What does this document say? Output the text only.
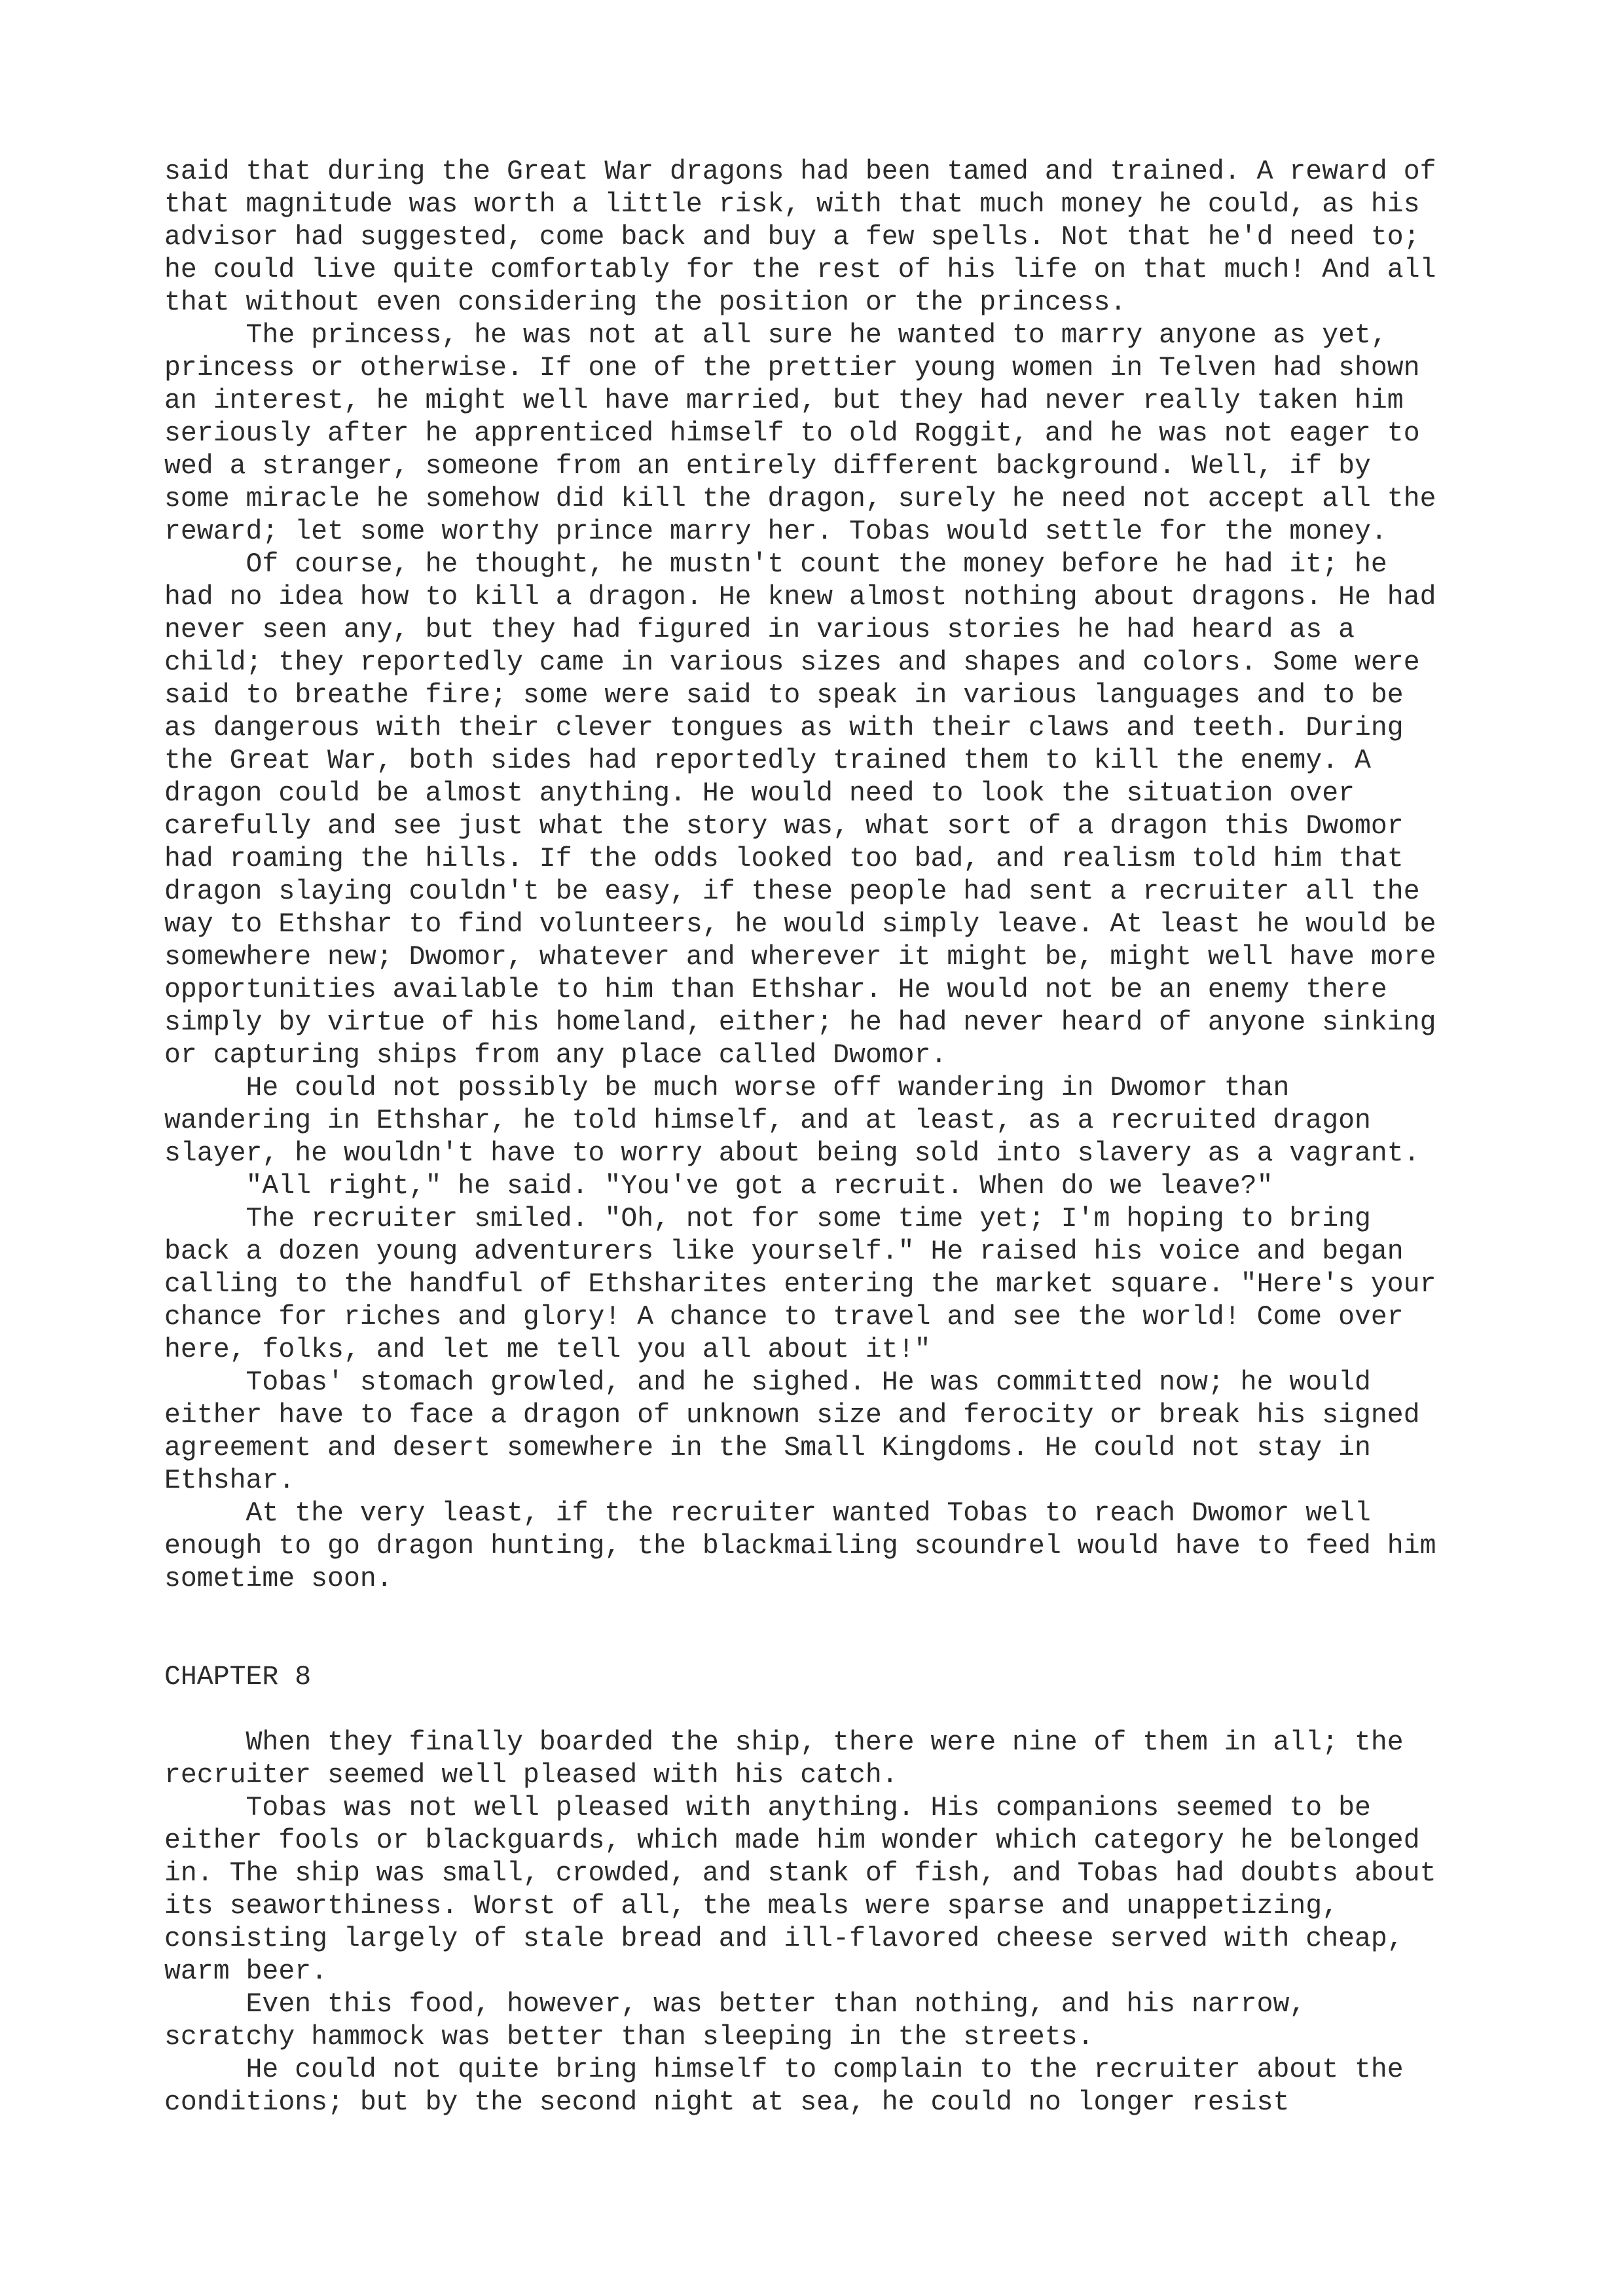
said that during the Great War dragons had been tamed and trained. A reward of
that magnitude was worth a little risk, with that much money he could, as his
advisor had suggested, come back and buy a few spells. Not that he'd need to;
he could live quite comfortably for the rest of his life on that much! And all
that without even considering the position or the princess.
The princess, he was not at all sure he wanted to marry anyone as yet,
princess or otherwise. If one of the prettier young women in Telven had shown
an interest, he might well have married, but they had never really taken him
seriously after he apprenticed himself to old Roggit, and he was not eager to
wed a stranger, someone from an entirely different background. Well, if by
some miracle he somehow did kill the dragon, surely he need not accept all the
reward; let some worthy prince marry her. Tobas would settle for the money.
Of course, he thought, he mustn't count the money before he had it; he
had no idea how to kill a dragon. He knew almost nothing about dragons. He had
never seen any, but they had figured in various stories he had heard as a
child; they reportedly came in various sizes and shapes and colors. Some were
said to breathe fire; some were said to speak in various languages and to be
as dangerous with their clever tongues as with their claws and teeth. During
the Great War, both sides had reportedly trained them to kill the enemy. A
dragon could be almost anything. He would need to look the situation over
carefully and see just what the story was, what sort of a dragon this Dwomor
had roaming the hills. If the odds looked too bad, and realism told him that
dragon slaying couldn't be easy, if these people had sent a recruiter all the
way to Ethshar to find volunteers, he would simply leave. At least he would be
somewhere new; Dwomor, whatever and wherever it might be, might well have more
opportunities available to him than Ethshar. He would not be an enemy there
simply by virtue of his homeland, either; he had never heard of anyone sinking
or capturing ships from any place called Dwomor.
He could not possibly be much worse off wandering in Dwomor than
wandering in Ethshar, he told himself, and at least, as a recruited dragon
slayer, he wouldn't have to worry about being sold into slavery as a vagrant.
"All right," he said. "You've got a recruit. When do we leave?"
The recruiter smiled. "Oh, not for some time yet; I'm hoping to bring
back a dozen young adventurers like yourself." He raised his voice and began
calling to the handful of Ethsharites entering the market square. "Here's your
chance for riches and glory! A chance to travel and see the world! Come over
here, folks, and let me tell you all about it!"
Tobas' stomach growled, and he sighed. He was committed now; he would
either have to face a dragon of unknown size and ferocity or break his signed
agreement and desert somewhere in the Small Kingdoms. He could not stay in
Ethshar.
At the very least, if the recruiter wanted Tobas to reach Dwomor well
enough to go dragon hunting, the blackmailing scoundrel would have to feed him
sometime soon.
CHAPTER 8
When they finally boarded the ship, there were nine of them in all; the
recruiter seemed well pleased with his catch.
Tobas was not well pleased with anything. His companions seemed to be
either fools or blackguards, which made him wonder which category he belonged
in. The ship was small, crowded, and stank of fish, and Tobas had doubts about
its seaworthiness. Worst of all, the meals were sparse and unappetizing,
consisting largely of stale bread and ill-flavored cheese served with cheap,
warm beer.
Even this food, however, was better than nothing, and his narrow,
scratchy hammock was better than sleeping in the streets.
He could not quite bring himself to complain to the recruiter about the
conditions; but by the second night at sea, he could no longer resist
